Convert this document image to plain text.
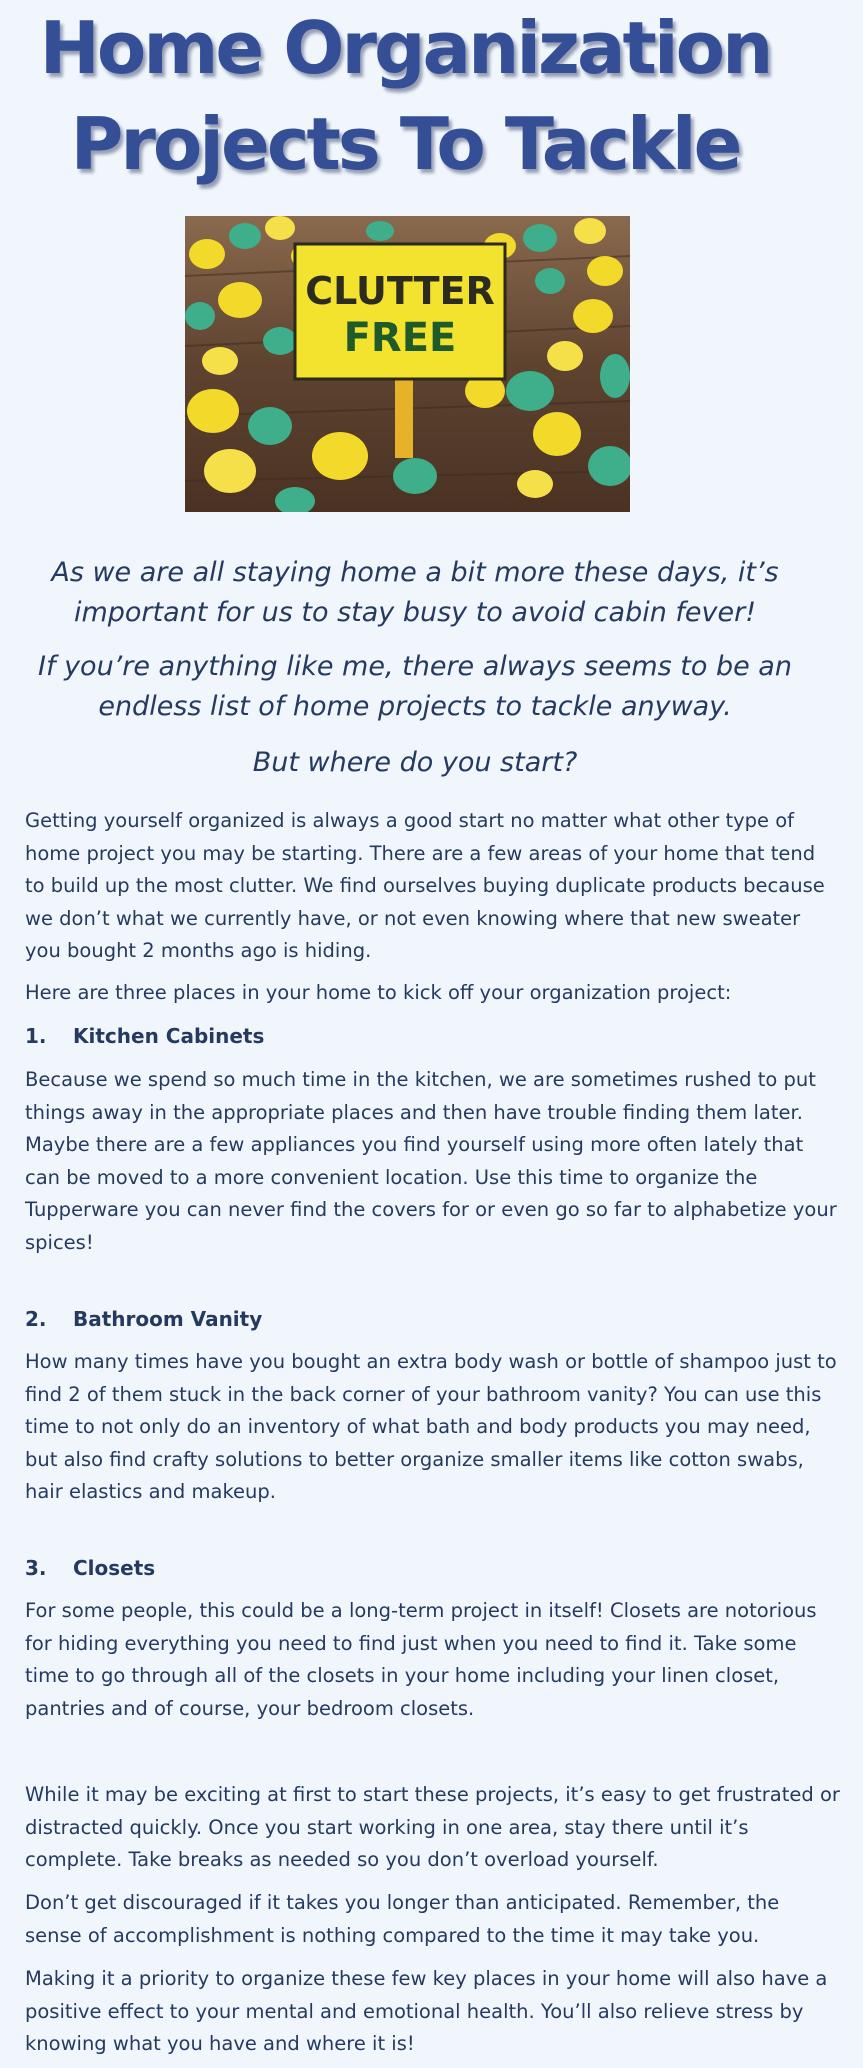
Home Organization
Projects To Tackle
CLUTTER
FREE

As we are all staying home a bit more these days, it’s

important for us to stay busy to avoid cabin fever!

If you’re anything like me, there always seems to be an

endless list of home projects to tackle anyway.

But where do you start?

Getting yourself organized is always a good start no matter what other type of home project you may be starting. There are a few areas of your home that tend to build up the most clutter. We find ourselves buying duplicate products because we don’t what we currently have, or not even knowing where that new sweater you bought 2 months ago is hiding.

Here are three places in your home to kick off your organization project:

1. Kitchen Cabinets

Because we spend so much time in the kitchen, we are sometimes rushed to put things away in the appropriate places and then have trouble finding them later. Maybe there are a few appliances you find yourself using more often lately that can be moved to a more convenient location. Use this time to organize the Tupperware you can never find the covers for or even go so far to alphabetize your spices!

2. Bathroom Vanity

How many times have you bought an extra body wash or bottle of shampoo just to find 2 of them stuck in the back corner of your bathroom vanity? You can use this time to not only do an inventory of what bath and body products you may need, but also find crafty solutions to better organize smaller items like cotton swabs, hair elastics and makeup.

3. Closets

For some people, this could be a long-term project in itself! Closets are notorious for hiding everything you need to find just when you need to find it. Take some time to go through all of the closets in your home including your linen closet, pantries and of course, your bedroom closets.

While it may be exciting at first to start these projects, it’s easy to get frustrated or distracted quickly. Once you start working in one area, stay there until it’s complete. Take breaks as needed so you don’t overload yourself.

Don’t get discouraged if it takes you longer than anticipated. Remember, the sense of accomplishment is nothing compared to the time it may take you.

Making it a priority to organize these few key places in your home will also have a positive effect to your mental and emotional health. You’ll also relieve stress by knowing what you have and where it is!
